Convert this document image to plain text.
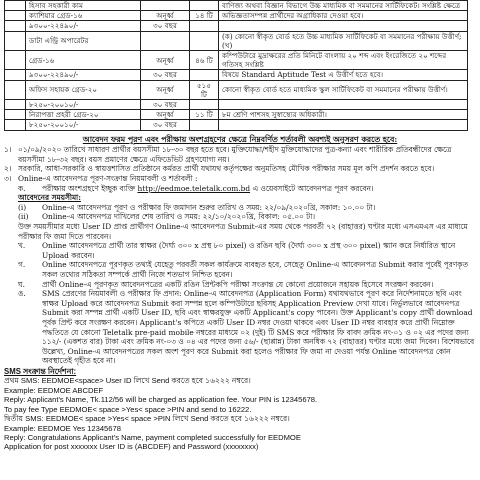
	হিসাব সহকারী কাম			বাণিজ্য অথবা বিজ্ঞান বিভাগে উচ্চ মাধ্যমিক বা সমমানের সার্টিফিকেট। সংশ্লিষ্ট ক্ষেত্রে
	ক্যাশিয়ার গ্রেড-১৬	অনূর্ধ্ব	১৪ টি	অভিজ্ঞতাসম্পন্ন প্রার্থীদের অগ্রাধিকার দেওয়া হবে।
	৯৩০০-২২৪৯০/-	৩০ বছর		
	ডাটা এন্ট্রি অপারেটর			(ক) কোনো স্বীকৃত বোর্ড হতে উচ্চ মাধ্যমিক সার্টিফিকেট বা সমমানের পরীক্ষায় উত্তীর্ণ; (খ)
	গ্রেড-১৬	অনূর্ধ্ব	৪৬ টি	কম্পিউটারে মুদ্রাক্ষরের প্রতি মিনিটে বাংলায় ২০ শব্দ এবং ইংরেজিতে ২০ শব্দের গতিসহ সংশ্লিষ্ট
	৯৩০০-২২৪৯০/-	৩০ বছর		বিষয়ে Standard Aptitude Test এ উত্তীর্ণ হতে হবে।
	অফিস সহায়ক গ্রেড-২০	অনূর্ধ্ব	৫১৫ টি	কোনো স্বীকৃত বোর্ড হতে মাধ্যমিক স্কুল সার্টিফিকেট বা সমমানের পরীক্ষায় উত্তীর্ণ।
	৮২৫০-২০০১০/-	৩০ বছর		
	নিরাপত্তা প্রহরী গ্রেড-২০	অনূর্ধ্ব	১১ টি	৮ম শ্রেণি পাশসহ সুস্বাস্থ্যের অধিকারী।
	৮২৫০-২০০১০/-	৩০ বছর		
আবেদন ফরম পূরণ এবং পরীক্ষায় অংশগ্রহণের ক্ষেত্রে নিম্নবর্ণিত শর্তাবলী অবশ্যই অনুসরণ করতে হবে:
১। ০১/০৯/২০২০ তারিখে সাধারণ প্রার্থীর বয়সসীমা ১৮-৩০ বছর হতে হবে। মুক্তিযোদ্ধা/শহীদ মুক্তিযোদ্ধাদের পুত্র-কন্যা এবং শারীরিক প্রতিবন্ধীদের ক্ষেত্রে বয়সসীমা ১৮-৩২ বছর। বয়স প্রমাণের ক্ষেত্রে এফিডেভিট গ্রহণযোগ্য নয়।
২। সরকারি, আধা-সরকারি ও স্বায়ত্তশাসিত প্রতিষ্ঠানে কর্মরত প্রার্থী যথাযথ কর্তৃপক্ষের অনুমতিসহ মৌখিক পরীক্ষার সময় মূল কপি প্রদর্শন করতে হবে।
৩। Online-এ আবেদনপত্র পূরণ-সংক্রান্ত নিয়মাবলী ও শর্তাবলী :
ক.	পরীক্ষায় অংশগ্রহণে ইচ্ছুক ব্যক্তি http://eedmoe.teletalk.com.bd এ ওয়েবসাইটে আবেদনপত্র পূরণ করবেন।
আবেদনের সময়সীমা:
(i)	Online-এ আবেদনপত্র পূরণ ও পরীক্ষার ফি জমাদান শুরুর তারিখ ও সময়: ২২/০৯/২০২০খ্রি, সকাল: ১০.০০ টা।
(ii)	Online-এ আবেদনপত্র দাখিলের শেষ তারিখ ও সময়: ২২/১০/২০২০খ্রি, বিকাল: ০৫.০০ টা।
উক্ত সময়সীমার মধ্যে User ID প্রাপ্ত প্রার্থীগণ Online-এ আবেদনপত্র Submit-এর সময় থেকে পরবর্তী ৭২ (বাহাত্তর) ঘণ্টার মধ্যে এসএমএস এর মাধ্যমে পরীক্ষার ফি জমা দিতে পারবেন।
খ.	Online আবেদনপত্রে প্রার্থী তার স্বাক্ষর (দৈর্ঘ্য ৩০০ x প্রস্থ ৮০ pixel) ও রঙিন ছবি (দৈর্ঘ্য ৩০০ x প্রস্থ ৩০০ pixel) স্ক্যান করে নির্ধারিত স্থানে Upload করবেন।
গ.	Online আবেদনপত্রে পূরণকৃত তথ্যই যেহেতু পরবর্তী সকল কার্যক্রমে ব্যবহৃত হবে, সেহেতু Online-এ আবেদনপত্র Submit করার পূর্বেই পূরণকৃত সকল তথ্যের সঠিকতা সম্পর্কে প্রার্থী নিজে শতভাগ নিশ্চিত হবেন।
ঘ.	প্রার্থী Online-এ পূরণকৃত আবেদনপত্রের একটি রঙিন প্রিন্টকপি পরীক্ষা সংক্রান্ত যে কোনো প্রয়োজনে সহায়ক হিসেবে সংরক্ষণ করবেন।
ঙ.	SMS প্রেরণের নিয়মাবলী ও পরীক্ষার ফি প্রদান: Online-এ আবেদনপত্র (Application Form) যথাযথভাবে পূরণ করে নির্দেশনামতে ছবি এবং স্বাক্ষর Upload করে আবেদনপত্র Submit করা সম্পন্ন হলে কম্পিউটারে ছবিসহ Application Preview দেখা যাবে। নির্ভুলভাবে আবেদনপত্র Submit করা সম্পন্ন প্রার্থী একটি User ID, ছবি এবং স্বাক্ষরযুক্ত একটি Applicant's copy পাবেন। উক্ত Applicant's copy প্রার্থী download পূর্বক প্রিন্ট করে সংরক্ষণ করবেন। Applicant's কপিতে একটি User ID নম্বর দেওয়া থাকবে এবং User ID নম্বর ব্যবহার করে প্রার্থী নিম্নোক্ত পদ্ধতিতে যে কোনো Teletalk pre-paid mobile নম্বরের মাধ্যমে ০২ (দুই) টি SMS করে পরীক্ষার ফি বাবদ ক্রমিক নং-০১ ও ০২ এর পদের জন্য ১১২/- (একশত বার) টাকা এবং ক্রমিক নং-০৩ ও ০৪ এর পদের জন্য ৫৬/- (ছাপ্পান্ন) টাকা অনধিক ৭২ (বাহাত্তর) ঘণ্টার মধ্যে জমা দিবেন। বিশেষভাবে উল্লেখ্য, Online-এ আবেদনপত্রের সকল অংশ পূরণ করে Submit করা হলেও পরীক্ষার ফি জমা না দেওয়া পর্যন্ত Online আবেদনপত্র কোন অবস্থাতেই গৃহীত হবে না।
SMS সংক্রান্ত নির্দেশনা:
প্রথম SMS: EEDMOE<space> User ID লিখে Send করতে হবে ১৬২২২ নম্বরে।
Example: EEDMOE ABCDEF
Reply: Applicant's Name, Tk.112/56 will be charged as application fee. Your PIN is 12345678.
To pay fee Type EEDMOE< space >Yes< space >PIN and send to 16222.
দ্বিতীয় SMS: EEDMOE< space >Yes< space >PIN লিখে Send করতে হবে ১৬২২২ নম্বরে।
Example: EEDMOE Yes 12345678
Reply: Congratulations Applicant's Name, payment completed successfully for EEDMOE
Application for post xxxxxxx User ID is (ABCDEF) and Password (xxxxxxxx)
